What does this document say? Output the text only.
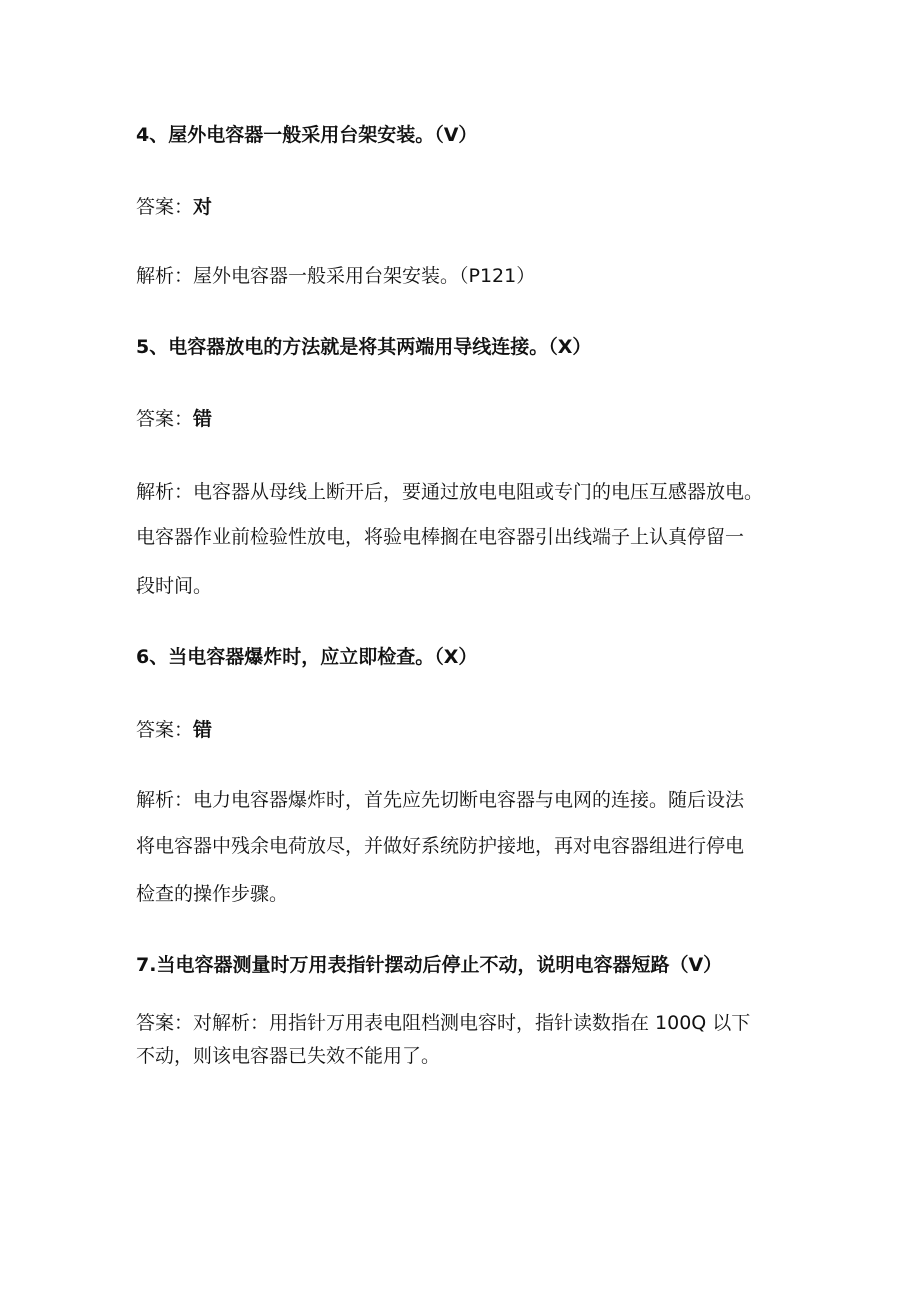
4、屋外电容器一般采用台架安装。（V）
答案：对
解析：屋外电容器一般采用台架安装。（P121）
5、电容器放电的方法就是将其两端用导线连接。（X）
答案：错
解析：电容器从母线上断开后，要通过放电电阻或专门的电压互感器放电。
电容器作业前检验性放电，将验电棒搁在电容器引出线端子上认真停留一
段时间。
6、当电容器爆炸时，应立即检查。（X）
答案：错
解析：电力电容器爆炸时，首先应先切断电容器与电网的连接。随后设法
将电容器中残余电荷放尽，并做好系统防护接地，再对电容器组进行停电
检查的操作步骤。
7.当电容器测量时万用表指针摆动后停止不动，说明电容器短路（V）
答案：对解析：用指针万用表电阻档测电容时，指针读数指在 100Q 以下
不动，则该电容器已失效不能用了。
